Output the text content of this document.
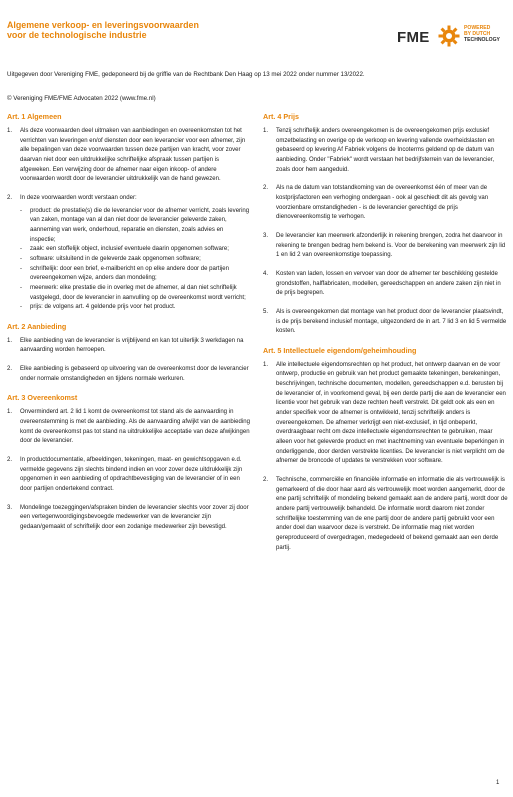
Algemene verkoop- en leveringsvoorwaarden
voor de technologische industrie	FME
POWERED
BY DUTCH
TECHNOLOGY
Uitgegeven door Vereniging FME, gedeponeerd bij de griffie van de Rechtbank Den Haag op 13 mei 2022 onder nummer 13/2022.
© Vereniging FME/FME Advocaten 2022 (www.fme.nl)
Art. 1 Algemeen
1. Als deze voorwaarden deel uitmaken van aanbiedingen en overeenkomsten tot het verrichten van leveringen en/of diensten door een leverancier voor een afnemer, zijn alle bepalingen van deze voorwaarden tussen deze partijen van kracht, voor zover daarvan niet door een uitdrukkelijke schriftelijke afspraak tussen partijen is afgeweken. Een verwijzing door de afnemer naar eigen inkoop- of andere voorwaarden wordt door de leverancier uitdrukkelijk van de hand gewezen.
2. In deze voorwaarden wordt verstaan onder:
- product: de prestatie(s) die de leverancier voor de afnemer verricht, zoals levering van zaken, montage van al dan niet door de leverancier geleverde zaken, aanneming van werk, onderhoud, reparatie en diensten, zoals advies en inspectie;
- zaak: een stoffelijk object, inclusief eventuele daarin opgenomen software;
- software: uitsluitend in de geleverde zaak opgenomen software;
- schriftelijk: door een brief, e-mailbericht en op elke andere door de partijen overeengekomen wijze, anders dan mondeling;
- meerwerk: elke prestatie die in overleg met de afnemer, al dan niet schriftelijk vastgelegd, door de leverancier in aanvulling op de overeenkomst wordt verricht;
- prijs: de volgens art. 4 geldende prijs voor het product.
Art. 2 Aanbieding
1. Elke aanbieding van de leverancier is vrijblijvend en kan tot uiterlijk 3 werkdagen na aanvaarding worden herroepen.
2. Elke aanbieding is gebaseerd op uitvoering van de overeenkomst door de leverancier onder normale omstandigheden en tijdens normale werkuren.
Art. 3 Overeenkomst
1. Onverminderd art. 2 lid 1 komt de overeenkomst tot stand als de aanvaarding in overeenstemming is met de aanbieding. Als de aanvaarding afwijkt van de aanbieding komt de overeenkomst pas tot stand na uitdrukkelijke acceptatie van deze afwijkingen door de leverancier.
2. In productdocumentatie, afbeeldingen, tekeningen, maat- en gewichtsopgaven e.d. vermelde gegevens zijn slechts bindend indien en voor zover deze uitdrukkelijk zijn opgenomen in een aanbieding of opdrachtbevestiging van de leverancier of in een door partijen ondertekend contract.
3. Mondelinge toezeggingen/afspraken binden de leverancier slechts voor zover zij door een vertegenwoordigingsbevoegde medewerker van de leverancier zijn gedaan/gemaakt of schriftelijk door een zodanige medewerker zijn bevestigd.
Art. 4 Prijs
1. Tenzij schriftelijk anders overeengekomen is de overeengekomen prijs exclusief omzetbelasting en overige op de verkoop en levering vallende overheidslasten en gebaseerd op levering Af Fabriek volgens de Incoterms geldend op de datum van aanbieding. Onder "Fabriek" wordt verstaan het bedrijfsterrein van de leverancier, zoals door hem aangeduid.
2. Als na de datum van totstandkoming van de overeenkomst één of meer van de kostprijsfactoren een verhoging ondergaan - ook al geschiedt dit als gevolg van voorzienbare omstandigheden - is de leverancier gerechtigd de prijs dienovereenkomstig te verhogen.
3. De leverancier kan meerwerk afzonderlijk in rekening brengen, zodra het daarvoor in rekening te brengen bedrag hem bekend is. Voor de berekening van meerwerk zijn lid 1 en lid 2 van overeenkomstige toepassing.
4. Kosten van laden, lossen en vervoer van door de afnemer ter beschikking gestelde grondstoffen, halffabricaten, modellen, gereedschappen en andere zaken zijn niet in de prijs begrepen.
5. Als is overeengekomen dat montage van het product door de leverancier plaatsvindt, is de prijs berekend inclusief montage, uitgezonderd de in art. 7 lid 3 en lid 5 vermelde kosten.
Art. 5 Intellectuele eigendom/geheimhouding
1. Alle intellectuele eigendomsrechten op het product, het ontwerp daarvan en de voor ontwerp, productie en gebruik van het product gemaakte tekeningen, berekeningen, beschrijvingen, technische documenten, modellen, gereedschappen e.d. berusten bij de leverancier of, in voorkomend geval, bij een derde partij die aan de leverancier een licentie voor het gebruik van deze rechten heeft verstrekt. Dit geldt ook als een en ander specifiek voor de afnemer is ontwikkeld, tenzij schriftelijk anders is overeengekomen. De afnemer verkrijgt een niet-exclusief, in tijd onbeperkt, overdraagbaar recht om deze intellectuele eigendomsrechten te gebruiken, maar alleen voor het geleverde product en met inachtneming van eventuele beperkingen in onderliggende, door derden verstrekte licenties. De leverancier is niet verplicht om de afnemer de broncode of updates te verstrekken voor software.
2. Technische, commerciële en financiële informatie en informatie die als vertrouwelijk is gemarkeerd of die door haar aard als vertrouwelijk moet worden aangemerkt, door de ene partij schriftelijk of mondeling bekend gemaakt aan de andere partij, wordt door de andere partij vertrouwelijk behandeld. De informatie wordt daarom niet zonder schriftelijke toestemming van de ene partij door de andere partij gebruikt voor een ander doel dan waarvoor deze is verstrekt. De informatie mag niet worden gereproduceerd of overgedragen, medegedeeld of bekend gemaakt aan een derde partij.
1
